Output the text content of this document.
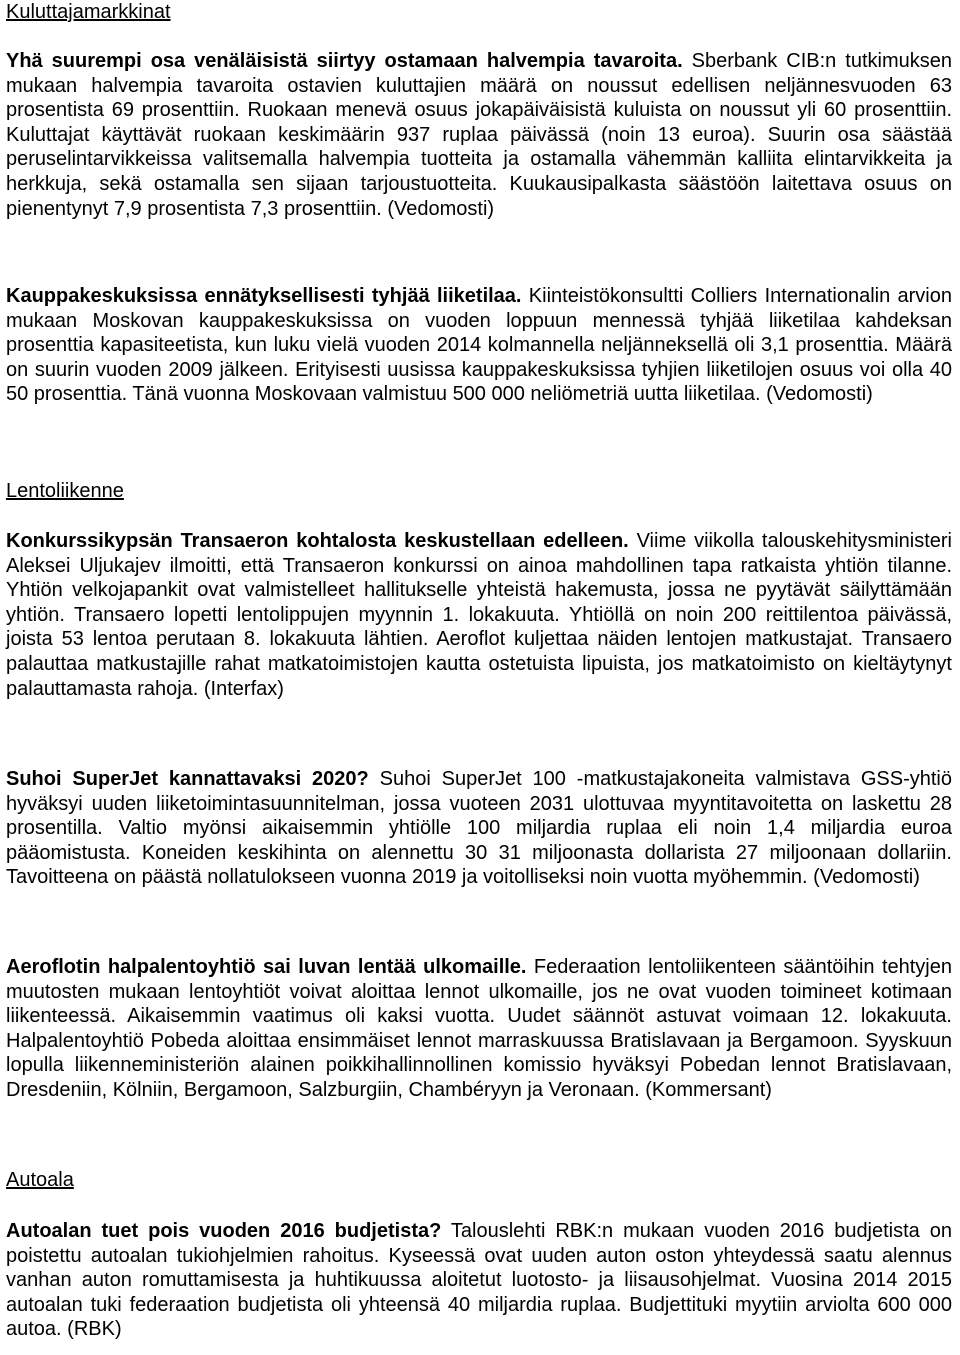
Kuluttajamarkkinat

Yhä suurempi osa venäläisistä siirtyy ostamaan halvempia tavaroita. Sberbank CIB:n tutkimuksen mukaan halvempia tavaroita ostavien kuluttajien määrä on noussut edellisen neljännesvuoden 63 prosentista 69 prosenttiin. Ruokaan menevä osuus jokapäiväisistä kuluista on noussut yli 60 prosenttiin. Kuluttajat käyttävät ruokaan keskimäärin 937 ruplaa päivässä (noin 13 euroa). Suurin osa säästää peruselintarvikkeissa valitsemalla halvempia tuotteita ja ostamalla vähemmän kalliita elintarvikkeita ja herkkuja, sekä ostamalla sen sijaan tarjoustuotteita. Kuukausipalkasta säästöön laitettava osuus on pienentynyt 7,9 prosentista 7,3 prosenttiin. (Vedomosti)

Kauppakeskuksissa ennätyksellisesti tyhjää liiketilaa. Kiinteistökonsultti Colliers Internationalin arvion mukaan Moskovan kauppakeskuksissa on vuoden loppuun mennessä tyhjää liiketilaa kahdeksan prosenttia kapasiteetista, kun luku vielä vuoden 2014 kolmannella neljänneksellä oli 3,1 prosenttia. Määrä on suurin vuoden 2009 jälkeen. Erityisesti uusissa kauppakeskuksissa tyhjien liiketilojen osuus voi olla 40 50 prosenttia. Tänä vuonna Moskovaan valmistuu 500 000 neliömetriä uutta liiketilaa. (Vedomosti)

Lentoliikenne

Konkurssikypsän Transaeron kohtalosta keskustellaan edelleen. Viime viikolla talouskehitysministeri Aleksei Uljukajev ilmoitti, että Transaeron konkurssi on ainoa mahdollinen tapa ratkaista yhtiön tilanne. Yhtiön velkojapankit ovat valmistelleet hallitukselle yhteistä hakemusta, jossa ne pyytävät säilyttämään yhtiön. Transaero lopetti lentolippujen myynnin 1. lokakuuta. Yhtiöllä on noin 200 reittilentoa päivässä, joista 53 lentoa perutaan 8. lokakuuta lähtien. Aeroflot kuljettaa näiden lentojen matkustajat. Transaero palauttaa matkustajille rahat matkatoimistojen kautta ostetuista lipuista, jos matkatoimisto on kieltäytynyt palauttamasta rahoja. (Interfax)

Suhoi SuperJet kannattavaksi 2020? Suhoi SuperJet 100 -matkustajakoneita valmistava GSS-yhtiö hyväksyi uuden liiketoimintasuunnitelman, jossa vuoteen 2031 ulottuvaa myyntitavoitetta on laskettu 28 prosentilla. Valtio myönsi aikaisemmin yhtiölle 100 miljardia ruplaa eli noin 1,4 miljardia euroa pääomistusta. Koneiden keskihinta on alennettu 30 31 miljoonasta dollarista 27 miljoonaan dollariin. Tavoitteena on päästä nollatulokseen vuonna 2019 ja voitolliseksi noin vuotta myöhemmin. (Vedomosti)

Aeroflotin halpalentoyhtiö sai luvan lentää ulkomaille. Federaation lentoliikenteen sääntöihin tehtyjen muutosten mukaan lentoyhtiöt voivat aloittaa lennot ulkomaille, jos ne ovat vuoden toimineet kotimaan liikenteessä. Aikaisemmin vaatimus oli kaksi vuotta. Uudet säännöt astuvat voimaan 12. lokakuuta. Halpalentoyhtiö Pobeda aloittaa ensimmäiset lennot marraskuussa Bratislavaan ja Bergamoon. Syyskuun lopulla liikenneministeriön alainen poikkihallinnollinen komissio hyväksyi Pobedan lennot Bratislavaan, Dresdeniin, Kölniin, Bergamoon, Salzburgiin, Chambéryyn ja Veronaan. (Kommersant)

Autoala

Autoalan tuet pois vuoden 2016 budjetista? Talouslehti RBK:n mukaan vuoden 2016 budjetista on poistettu autoalan tukiohjelmien rahoitus. Kyseessä ovat uuden auton oston yhteydessä saatu alennus vanhan auton romuttamisesta ja huhtikuussa aloitetut luotosto- ja liisausohjelmat. Vuosina 2014 2015 autoalan tuki federaation budjetista oli yhteensä 40 miljardia ruplaa. Budjettituki myytiin arviolta 600 000 autoa. (RBK)
